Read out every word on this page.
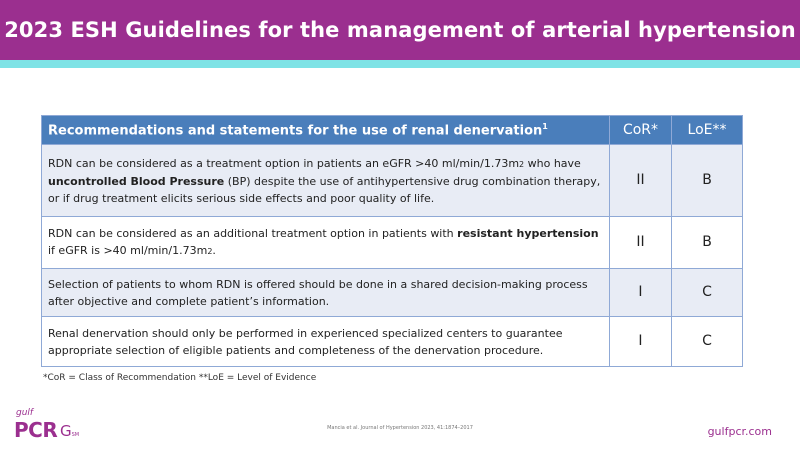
2023 ESH Guidelines for the management of arterial hypertension
Recommendations and statements for the use of renal denervation$^1$	CoR*	LoE**
RDN can be considered as a treatment option in patients an eGFR >40 ml/min/1.73m2 who have uncontrolled Blood Pressure (BP) despite the use of antihypertensive drug combination therapy, or if drug treatment elicits serious side effects and poor quality of life.	II	B
RDN can be considered as an additional treatment option in patients with resistant hypertension if eGFR is >40 ml/min/1.73m2.	II	B
Selection of patients to whom RDN is offered should be done in a shared decision-making process after objective and complete patient’s information.	I	C
Renal denervation should only be performed in experienced specialized centers to guarantee appropriate selection of eligible patients and completeness of the denervation procedure.	I	C
*CoR = Class of Recommendation **LoE = Level of Evidence
gulf
PCR GSM
Mancia et al. Journal of Hypertension 2023, 41:1874–2017	gulfpcr.com
